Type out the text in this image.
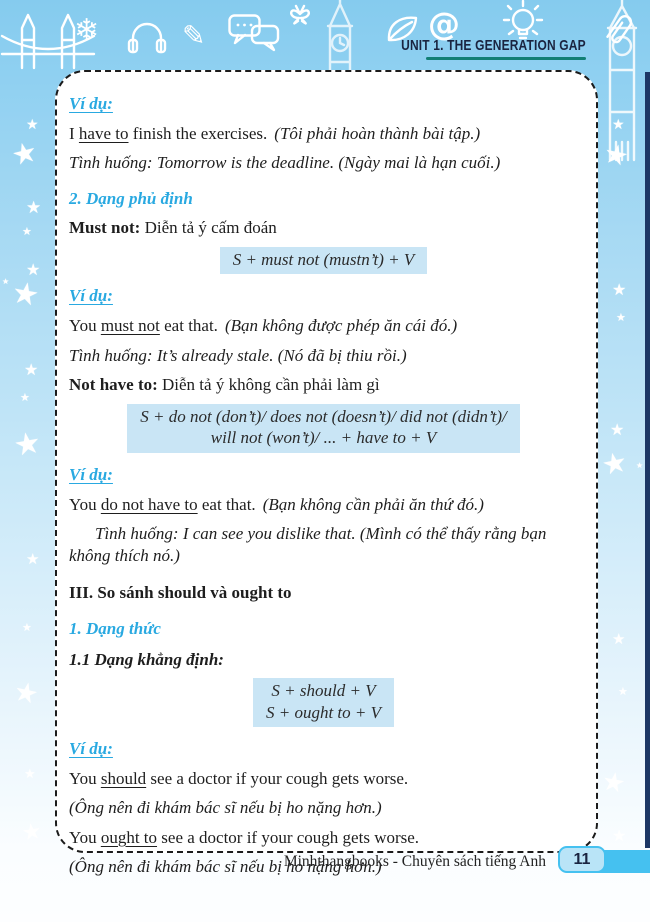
❄	✎	@
UNIT 1. THE GENERATION GAP
★
★
★
★
★
★
★
★
★
★
★
★
★
★
★
★
★
★
★
★
★ ★
★
★
★
★

Ví dụ:

I have to finish the exercises. (Tôi phải hoàn thành bài tập.)

Tình huống: Tomorrow is the deadline. (Ngày mai là hạn cuối.)

2. Dạng phủ định

Must not: Diễn tả ý cấm đoán

S + must not (mustn’t) + V

Ví dụ:

You must not eat that. (Bạn không được phép ăn cái đó.)

Tình huống: It’s already stale. (Nó đã bị thiu rồi.)

Not have to: Diễn tả ý không cần phải làm gì

S + do not (don’t)/ does not (doesn’t)/ did not (didn’t)/
will not (won’t)/ ... + have to + V

Ví dụ:

You do not have to eat that. (Bạn không cần phải ăn thứ đó.)

Tình huống: I can see you dislike that. (Mình có thể thấy rằng bạn không thích nó.)

III. So sánh should và ought to

1. Dạng thức

1.1 Dạng khẳng định:

S + should + V
S + ought to + V

Ví dụ:

You should see a doctor if your cough gets worse.

(Ông nên đi khám bác sĩ nếu bị ho nặng hơn.)

You ought to see a doctor if your cough gets worse.

(Ông nên đi khám bác sĩ nếu bị ho nặng hơn.)

Minhthangbooks - Chuyên sách tiếng Anh	11
